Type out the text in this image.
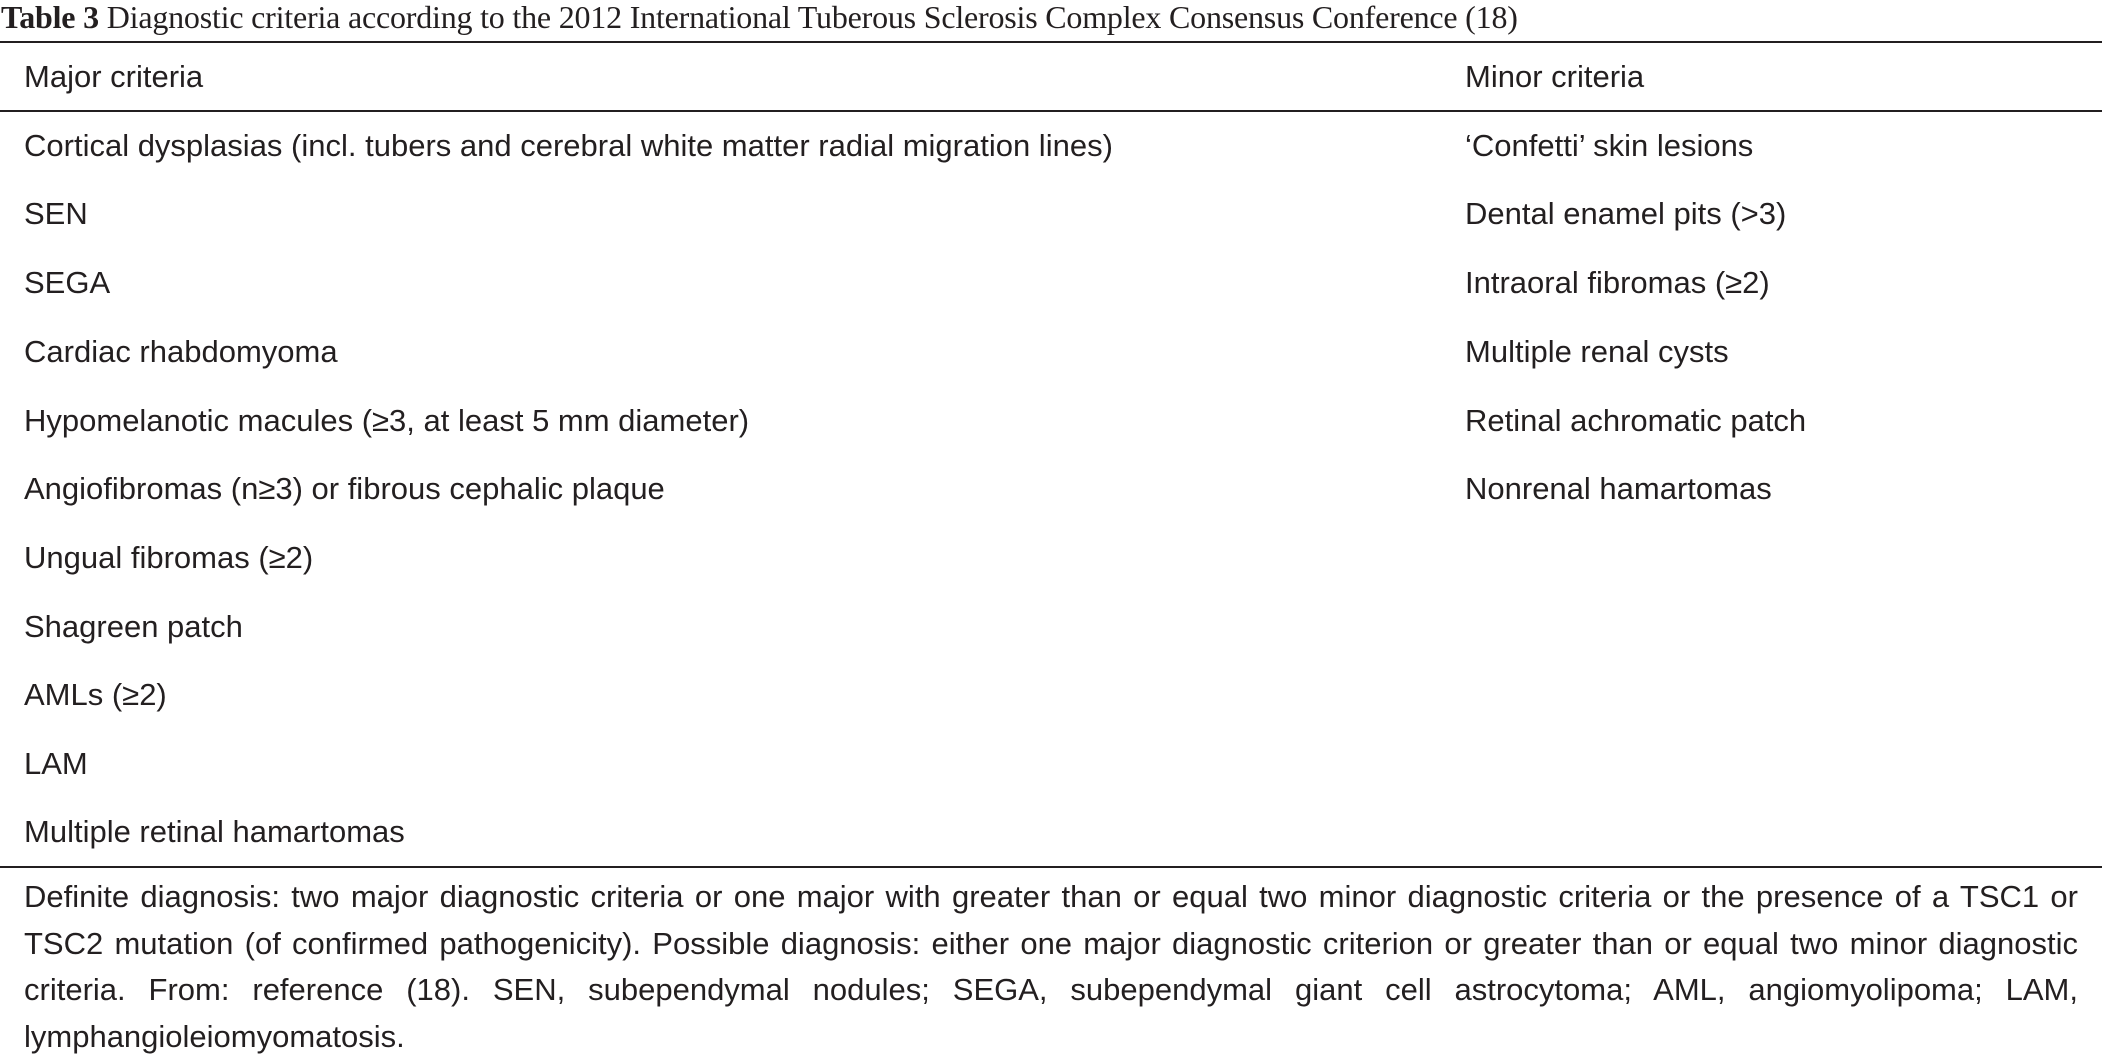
Table 3 Diagnostic criteria according to the 2012 International Tuberous Sclerosis Complex Consensus Conference (18)
Major criteria	Minor criteria
Cortical dysplasias (incl. tubers and cerebral white matter radial migration lines)	‘Confetti’ skin lesions
SEN	Dental enamel pits (>3)
SEGA	Intraoral fibromas (≥2)
Cardiac rhabdomyoma	Multiple renal cysts
Hypomelanotic macules (≥3, at least 5 mm diameter)	Retinal achromatic patch
Angiofibromas (n≥3) or fibrous cephalic plaque	Nonrenal hamartomas
Ungual fibromas (≥2)
Shagreen patch
AMLs (≥2)
LAM
Multiple retinal hamartomas
Definite diagnosis: two major diagnostic criteria or one major with greater than or equal two minor diagnostic criteria or the presence of a TSC1 or TSC2 mutation (of confirmed pathogenicity). Possible diagnosis: either one major diagnostic criterion or greater than or equal two minor diagnostic criteria. From: reference (18). SEN, subependymal nodules; SEGA, subependymal giant cell astrocytoma; AML, angiomyolipoma; LAM, lymphangioleiomyomatosis.
